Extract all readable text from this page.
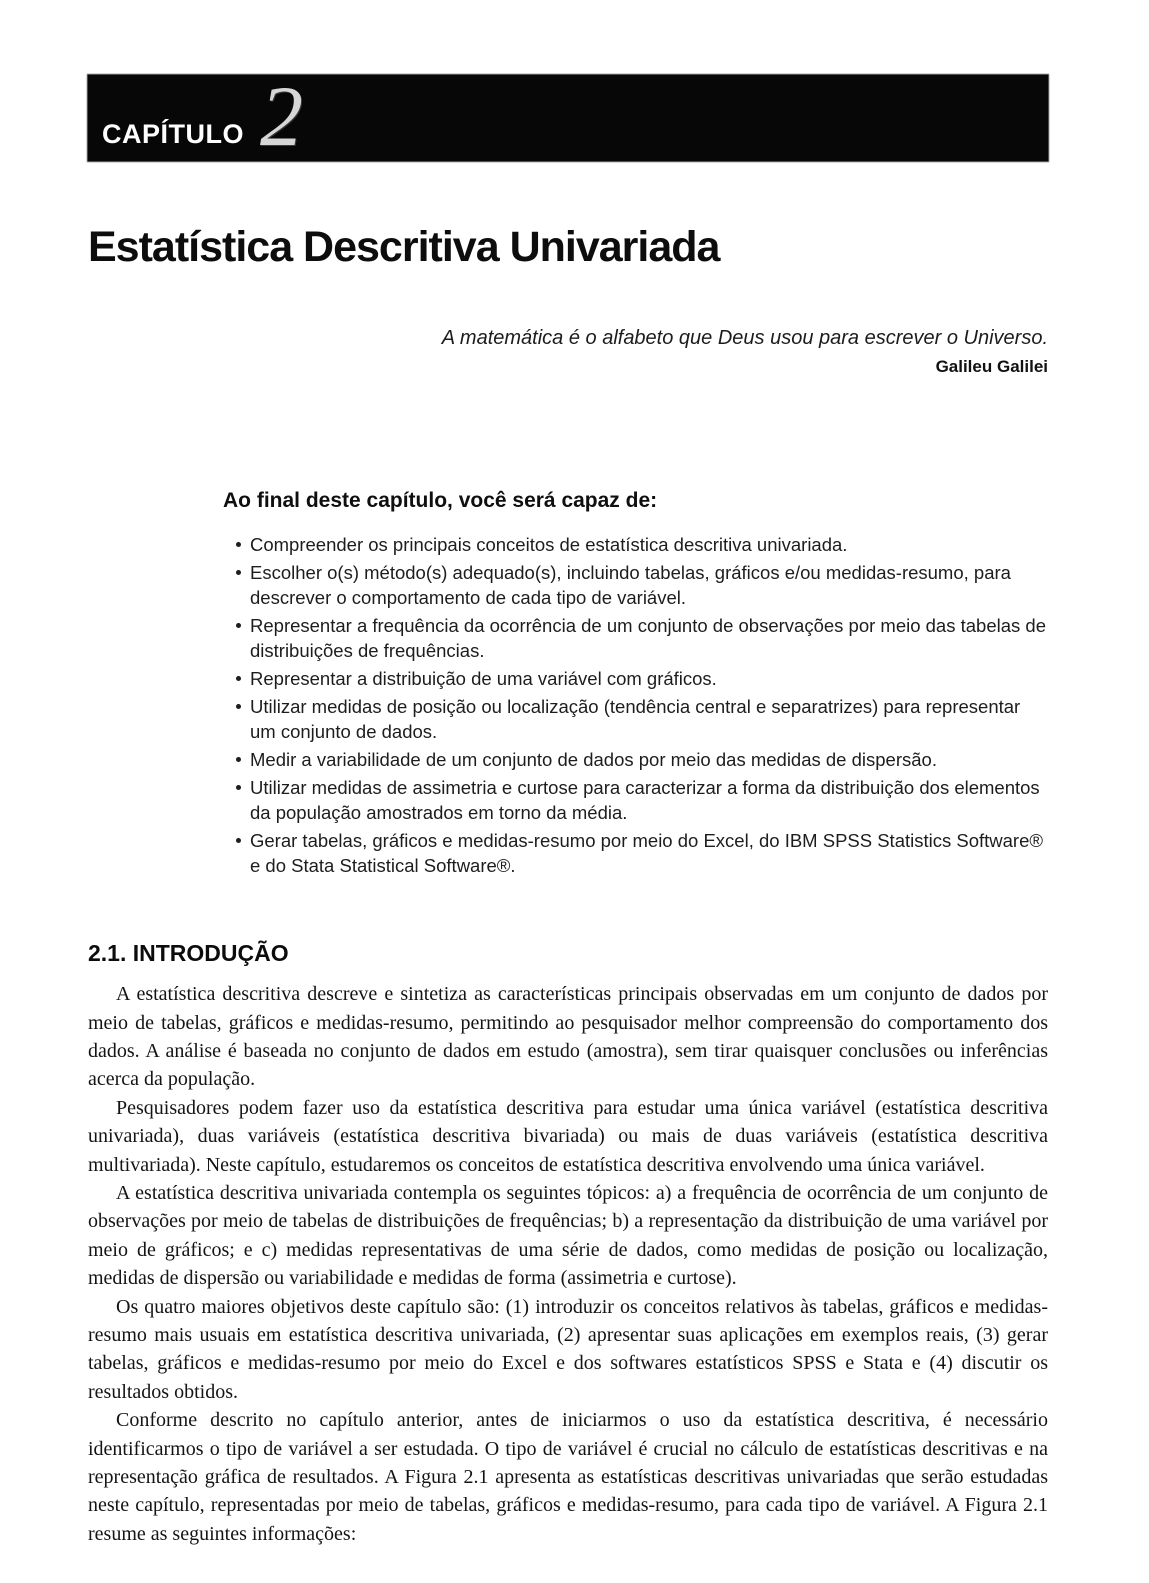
CAPÍTULO 2
Estatística Descritiva Univariada
A matemática é o alfabeto que Deus usou para escrever o Universo.
Galileu Galilei
Ao final deste capítulo, você será capaz de:
Compreender os principais conceitos de estatística descritiva univariada.
Escolher o(s) método(s) adequado(s), incluindo tabelas, gráficos e/ou medidas-resumo, para descrever o comportamento de cada tipo de variável.
Representar a frequência da ocorrência de um conjunto de observações por meio das tabelas de distribuições de frequências.
Representar a distribuição de uma variável com gráficos.
Utilizar medidas de posição ou localização (tendência central e separatrizes) para representar um conjunto de dados.
Medir a variabilidade de um conjunto de dados por meio das medidas de dispersão.
Utilizar medidas de assimetria e curtose para caracterizar a forma da distribuição dos elementos da população amostrados em torno da média.
Gerar tabelas, gráficos e medidas-resumo por meio do Excel, do IBM SPSS Statistics Software® e do Stata Statistical Software®.
2.1. INTRODUÇÃO

A estatística descritiva descreve e sintetiza as características principais observadas em um conjunto de dados por meio de tabelas, gráficos e medidas-resumo, permitindo ao pesquisador melhor compreensão do comportamento dos dados. A análise é baseada no conjunto de dados em estudo (amostra), sem tirar quaisquer conclusões ou inferências acerca da população.

Pesquisadores podem fazer uso da estatística descritiva para estudar uma única variável (estatística descritiva univariada), duas variáveis (estatística descritiva bivariada) ou mais de duas variáveis (estatística descritiva multivariada). Neste capítulo, estudaremos os conceitos de estatística descritiva envolvendo uma única variável.

A estatística descritiva univariada contempla os seguintes tópicos: a) a frequência de ocorrência de um conjunto de observações por meio de tabelas de distribuições de frequências; b) a representação da distribuição de uma variável por meio de gráficos; e c) medidas representativas de uma série de dados, como medidas de posição ou localização, medidas de dispersão ou variabilidade e medidas de forma (assimetria e curtose).

Os quatro maiores objetivos deste capítulo são: (1) introduzir os conceitos relativos às tabelas, gráficos e medidas-resumo mais usuais em estatística descritiva univariada, (2) apresentar suas aplicações em exemplos reais, (3) gerar tabelas, gráficos e medidas-resumo por meio do Excel e dos softwares estatísticos SPSS e Stata e (4) discutir os resultados obtidos.

Conforme descrito no capítulo anterior, antes de iniciarmos o uso da estatística descritiva, é necessário identificarmos o tipo de variável a ser estudada. O tipo de variável é crucial no cálculo de estatísticas descritivas e na representação gráfica de resultados. A Figura 2.1 apresenta as estatísticas descritivas univariadas que serão estudadas neste capítulo, representadas por meio de tabelas, gráficos e medidas-resumo, para cada tipo de variável. A Figura 2.1 resume as seguintes informações:
